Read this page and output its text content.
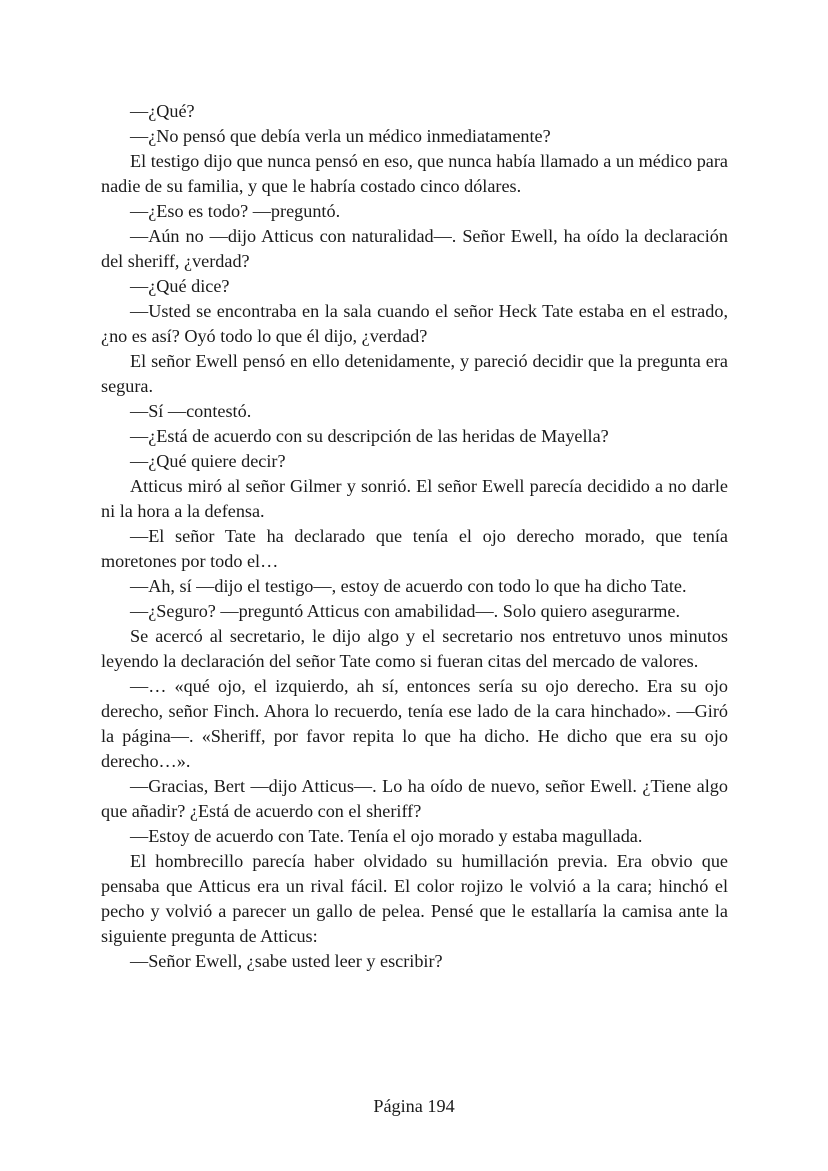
—¿Qué?

—¿No pensó que debía verla un médico inmediatamente?

El testigo dijo que nunca pensó en eso, que nunca había llamado a un médico para nadie de su familia, y que le habría costado cinco dólares.

—¿Eso es todo? —preguntó.

—Aún no —dijo Atticus con naturalidad—. Señor Ewell, ha oído la declaración del sheriff, ¿verdad?

—¿Qué dice?

—Usted se encontraba en la sala cuando el señor Heck Tate estaba en el estrado, ¿no es así? Oyó todo lo que él dijo, ¿verdad?

El señor Ewell pensó en ello detenidamente, y pareció decidir que la pregunta era segura.

—Sí —contestó.

—¿Está de acuerdo con su descripción de las heridas de Mayella?

—¿Qué quiere decir?

Atticus miró al señor Gilmer y sonrió. El señor Ewell parecía decidido a no darle ni la hora a la defensa.

—El señor Tate ha declarado que tenía el ojo derecho morado, que tenía moretones por todo el…

—Ah, sí —dijo el testigo—, estoy de acuerdo con todo lo que ha dicho Tate.

—¿Seguro? —preguntó Atticus con amabilidad—. Solo quiero asegurarme.

Se acercó al secretario, le dijo algo y el secretario nos entretuvo unos minutos leyendo la declaración del señor Tate como si fueran citas del mercado de valores.

—… «qué ojo, el izquierdo, ah sí, entonces sería su ojo derecho. Era su ojo derecho, señor Finch. Ahora lo recuerdo, tenía ese lado de la cara hinchado». —Giró la página—. «Sheriff, por favor repita lo que ha dicho. He dicho que era su ojo derecho…».

—Gracias, Bert —dijo Atticus—. Lo ha oído de nuevo, señor Ewell. ¿Tiene algo que añadir? ¿Está de acuerdo con el sheriff?

—Estoy de acuerdo con Tate. Tenía el ojo morado y estaba magullada.

El hombrecillo parecía haber olvidado su humillación previa. Era obvio que pensaba que Atticus era un rival fácil. El color rojizo le volvió a la cara; hinchó el pecho y volvió a parecer un gallo de pelea. Pensé que le estallaría la camisa ante la siguiente pregunta de Atticus:

—Señor Ewell, ¿sabe usted leer y escribir?

Página 194
